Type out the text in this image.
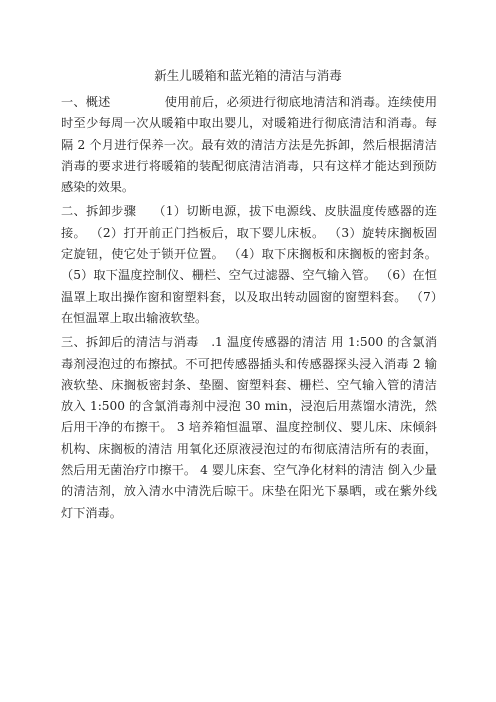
新生儿暖箱和蓝光箱的清洁与消毒

一、概述	使用前后，必须进行彻底地清洁和消毒。连续使用时至少每周一次从暖箱中取出婴儿，对暖箱进行彻底清洁和消毒。每隔 2 个月进行保养一次。最有效的清洁方法是先拆卸，然后根据清洁消毒的要求进行将暖箱的装配彻底清洁消毒，只有这样才能达到预防感染的效果。

二、拆卸步骤 （1）切断电源，拔下电源线、皮肤温度传感器的连接。 （2）打开前正门挡板后，取下婴儿床板。 （3）旋转床搁板固定旋钮，使它处于锁开位置。 （4）取下床搁板和床搁板的密封条。 （5）取下温度控制仪、栅栏、空气过滤器、空气输入管。 （6）在恒温罩上取出操作窗和窗塑料套，以及取出转动圆窗的窗塑料套。 （7）在恒温罩上取出输液软垫。

三、拆卸后的清洁与消毒 .1 温度传感器的清洁 用 1:500 的含氯消毒剂浸泡过的布擦拭。不可把传感器插头和传感器探头浸入消毒 2 输液软垫、床搁板密封条、垫圈、窗塑料套、栅栏、空气输入管的清洁 放入 1:500 的含氯消毒剂中浸泡 30 min，浸泡后用蒸馏水清洗，然后用干净的布擦干。 3 培养箱恒温罩、温度控制仪、婴儿床、床倾斜机构、床搁板的清洁 用氧化还原液浸泡过的布彻底清洁所有的表面，然后用无菌治疗巾擦干。 4 婴儿床套、空气净化材料的清洁 倒入少量的清洁剂，放入清水中清洗后晾干。床垫在阳光下暴晒，或在紫外线灯下消毒。
